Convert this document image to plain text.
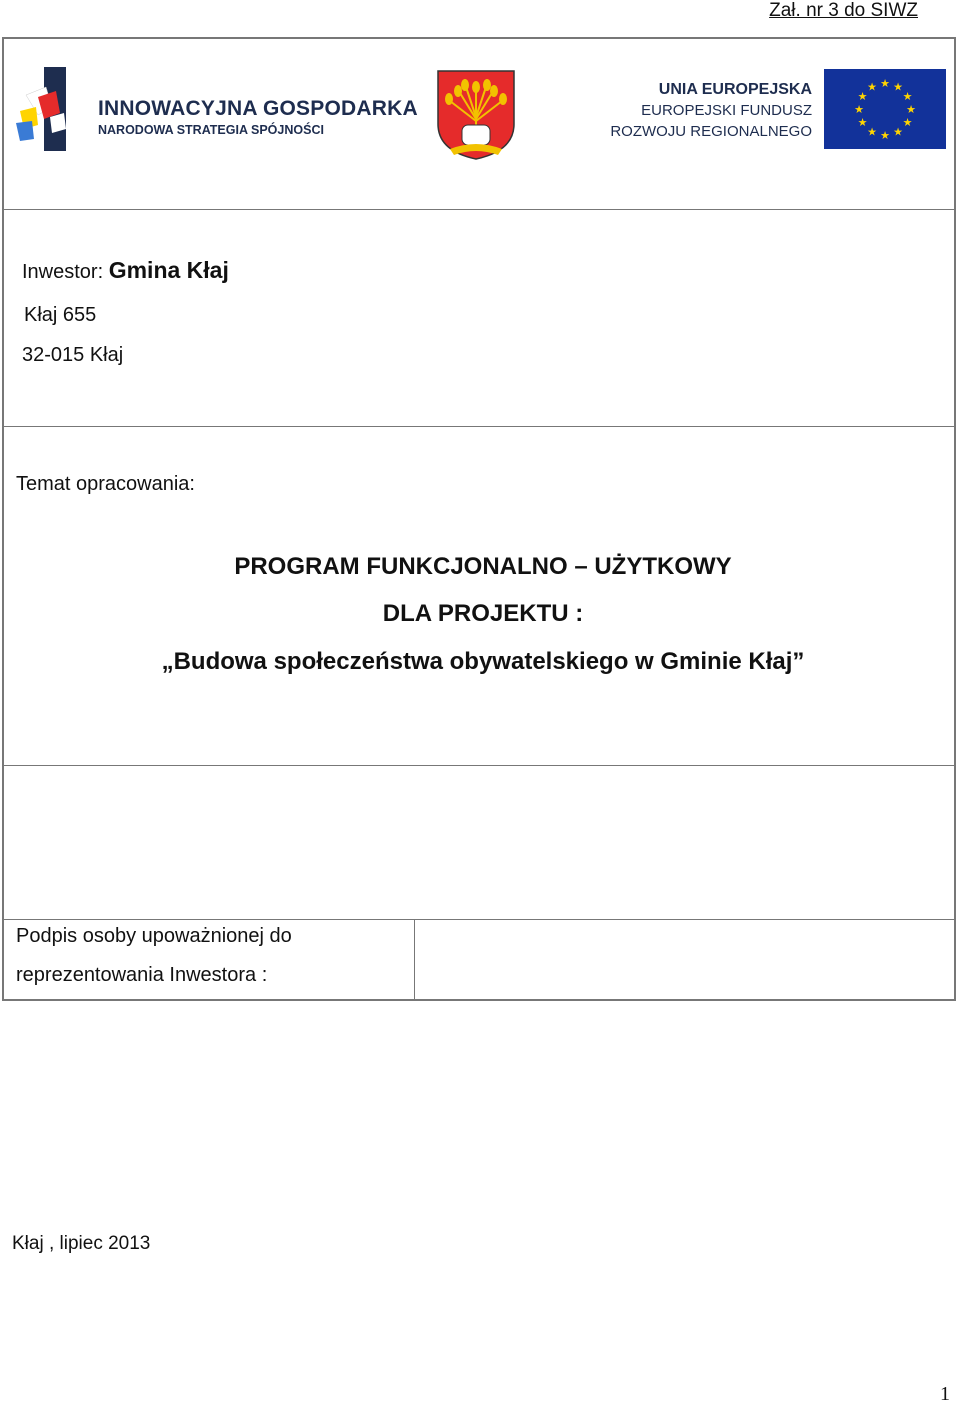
Zał. nr 3 do SIWZ
INNOWACYJNA GOSPODARKA
NARODOWA STRATEGIA SPÓJNOŚCI
UNIA EUROPEJSKA
EUROPEJSKI FUNDUSZ
ROZWOJU REGIONALNEGO
★ ★
★
★
★
★
★
★
★
★
★
★
Inwestor: Gmina Kłaj
Kłaj 655
32-015 Kłaj
Temat opracowania:
PROGRAM FUNKCJONALNO – UŻYTKOWY
DLA PROJEKTU :
„Budowa społeczeństwa obywatelskiego w Gminie Kłaj”
Podpis osoby upoważnionej do
reprezentowania Inwestora :
Kłaj , lipiec 2013
1
